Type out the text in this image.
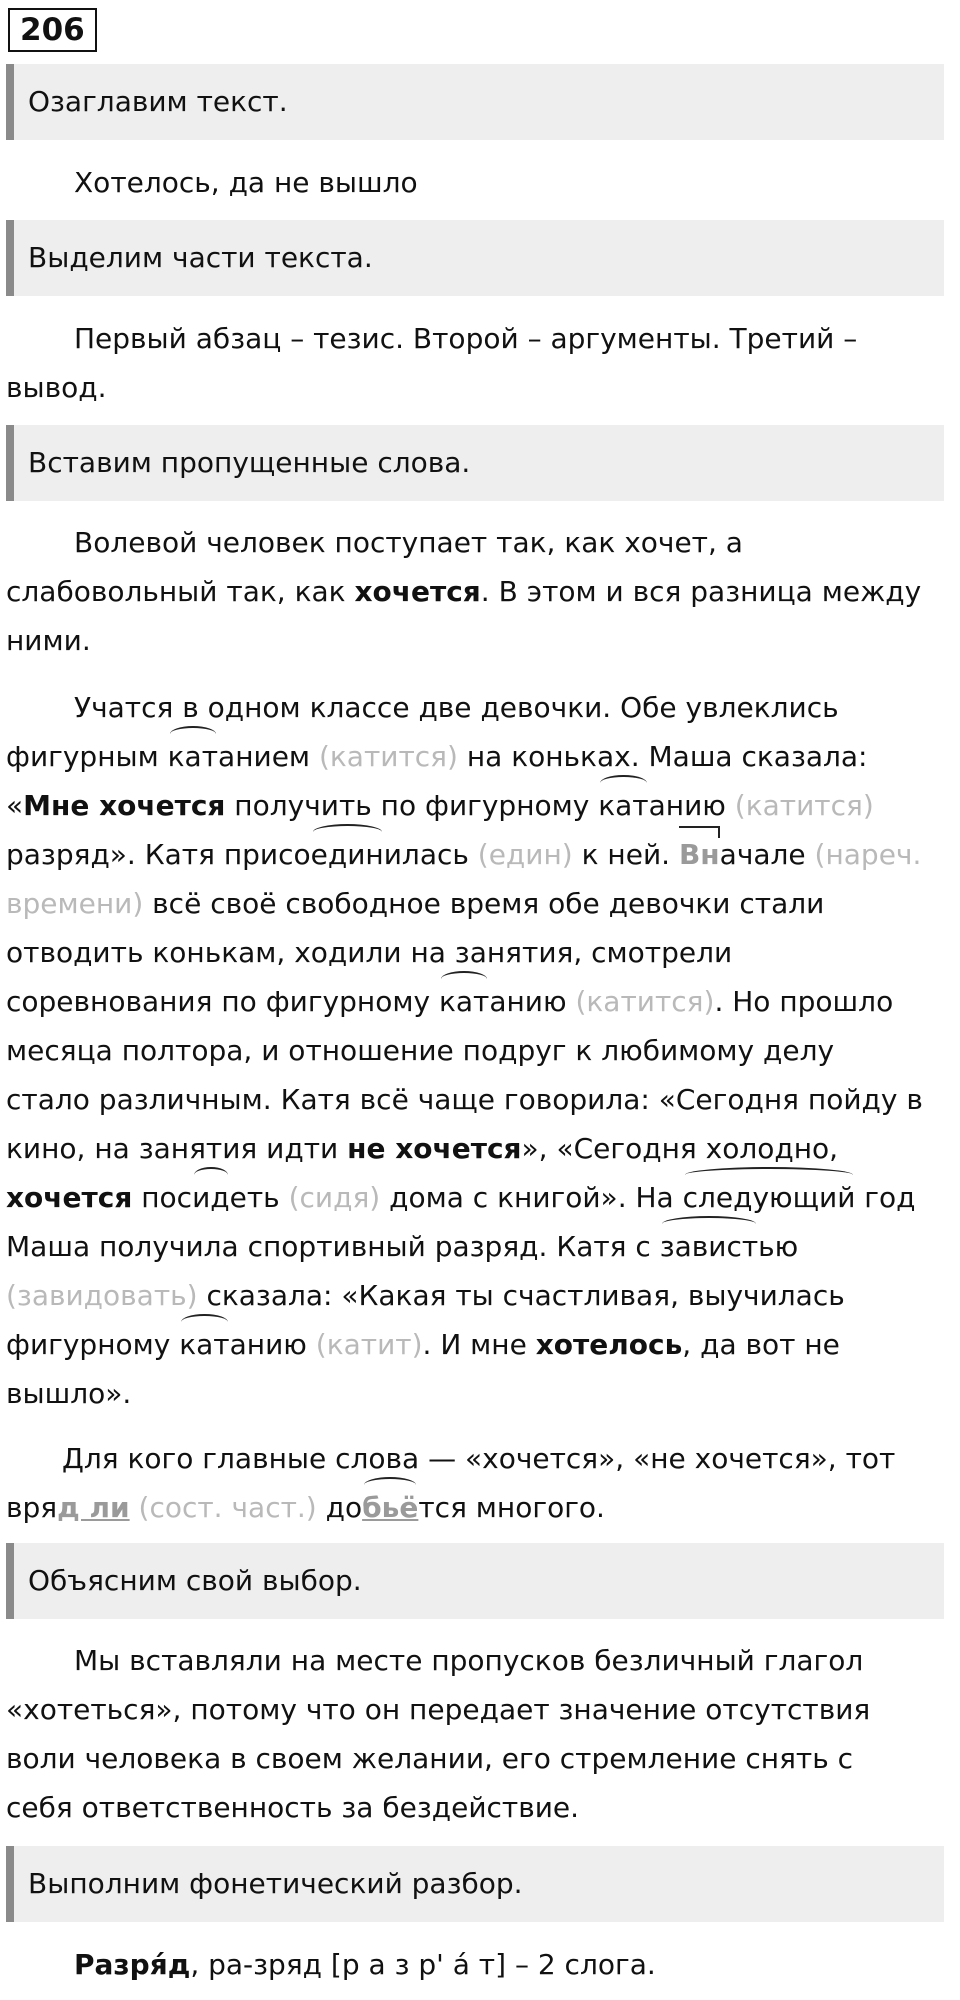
206
Озаглавим текст.
Хотелось, да не вышло
Выделим части текста.
Первый абзац – тезис. Второй – аргументы. Третий –
вывод.
Вставим пропущенные слова.
Волевой человек поступает так, как хочет, а
слабовольный так, как хочется. В этом и вся разница между
ними.
Учатся в одном классе две девочки. Обе увлеклись
фигурным катанием (катится) на коньках. Маша сказала:
«Мне хочется получить по фигурному катанию (катится)
разряд». Катя присоединилась (един) к ней. Вначале (нареч.
времени) всё своё свободное время обе девочки стали
отводить конькам, ходили на занятия, смотрели
соревнования по фигурному катанию (катится). Но прошло
месяца полтора, и отношение подруг к любимому делу
стало различным. Катя всё чаще говорила: «Сегодня пойду в
кино, на занятия идти не хочется», «Сегодня холодно,
хочется посидеть (сидя) дома с книгой». На следующий год
Маша получила спортивный разряд. Катя с завистью
(завидовать) сказала: «Какая ты счастливая, выучилась
фигурному катанию (катит). И мне хотелось, да вот не
вышло».
Для кого главные слова — «хочется», «не хочется», тот
вряд ли (сост. част.) добьётся многого.
Объясним свой выбор.
Мы вставляли на месте пропусков безличный глагол
«хотеться», потому что он передает значение отсутствия
воли человека в своем желании, его стремление снять с
себя ответственность за бездействие.
Выполним фонетический разбор.
Разря́д, ра-зряд [р а з р' а́ т] – 2 слога.
